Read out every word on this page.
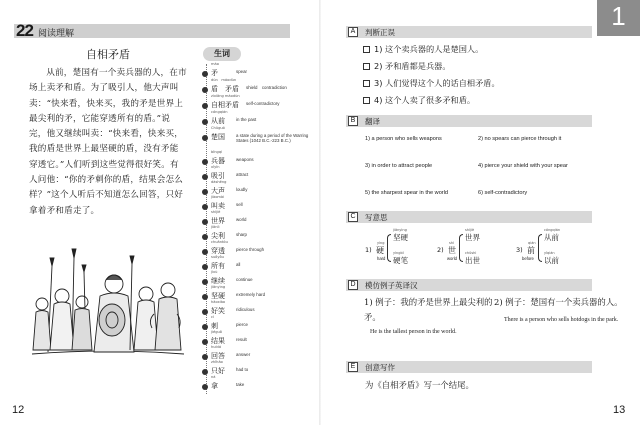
22 阅读理解
自相矛盾

从前，楚国有一个卖兵器的人，在市场上卖矛和盾。为了吸引人，他大声叫卖：“快来看，快来买，我的矛是世界上最尖利的矛，它能穿透所有的盾。”说完，他又继续叫卖：“快来看，快来买，我的盾是世界上最坚硬的盾，没有矛能穿透它。”人们听到这些觉得很好笑。有人问他：“你的矛刺你的盾，结果会怎么样？”这个人听后不知道怎么回答，只好拿着矛和盾走了。

12
生词
máo
矛	spear
dùn　máodùn
盾　矛盾 shield　contradiction
zìxiāng máodùn
自相矛盾 self-contradictory
cóngqián
从前	in the past
Chǔguó
楚国	a state during a period of the Warring States (1042 B.C.-223 B.C.)
bīngqì
兵器	weapons
xīyǐn
吸引	attract
dàshēng
大声	loudly
jiàomài
叫卖	sell
shìjiè
世界	world
jiānlì
尖利	sharp
chuāntòu
穿透	pierce through
suǒyǒu
所有	all
jìxù
继续	continue
jiānyìng
坚硬	extremely hard
hǎoxiào
好笑	ridiculous
cì
刺	pierce
jiéguǒ
结果	result
huídá
回答	answer
zhǐhǎo
只好	had to
ná
拿	take
1
A	判断正误
1) 这个卖兵器的人是楚国人。
2) 矛和盾都是兵器。
3) 人们觉得这个人的话自相矛盾。
4) 这个人卖了很多矛和盾。
B	翻译
1) a person who sells weapons	2) no spears can pierce through it
3) in order to attract people	4) pierce your shield with your spear
5) the sharpest spear in the world	6) self-contradictory
C	写意思
1)
yìng
硬
hard
jiānyìng
坚硬
yìngbǐ
硬笔
2)
shì
世
world
shìjiè
世界
chūshì
出世
3)
qián
前
before
cóngqián
从前
yǐqián
以前
D	模仿例子英译汉
1) 例子：我的矛是世界上最尖利的矛。
He is the tallest person in the world.
2) 例子：楚国有一个卖兵器的人。
There is a person who sells hotdogs in the park.
E	创意写作
为《自相矛盾》写一个结尾。
13
